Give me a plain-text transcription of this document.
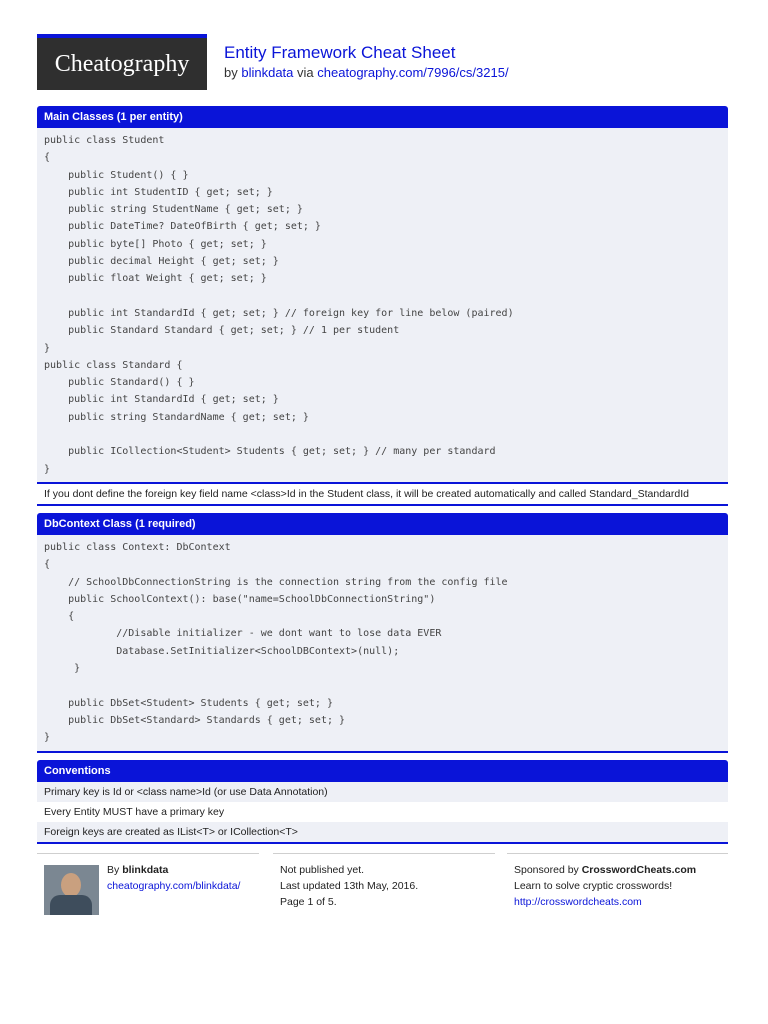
Cheatography	Entity Framework Cheat Sheet
by blinkdata via cheatography.com/7996/cs/3215/
Main Classes (1 per entity)
public class Student
{
public Student() { }
public int StudentID { get; set; }
public string StudentName { get; set; }
public DateTime? DateOfBirth { get; set; }
public byte[] Photo { get; set; }
public decimal Height { get; set; }
public float Weight { get; set; }

public int StandardId { get; set; } // foreign key for line below (paired)
public Standard Standard { get; set; } // 1 per student
}
public class Standard {
public Standard() { }
public int StandardId { get; set; }
public string StandardName { get; set; }

public ICollection<Student> Students { get; set; } // many per standard
}
If you dont define the foreign key field name <class>Id in the Student class, it will be created automatically and called Standard_StandardId
DbContext Class (1 required)
public class Context: DbContext
{
// SchoolDbConnectionString is the connection string from the config file
public SchoolContext(): base("name=SchoolDbConnectionString")
{
//Disable initializer - we dont want to lose data EVER
Database.SetInitializer<SchoolDBContext>(null);
}

public DbSet<Student> Students { get; set; }
public DbSet<Standard> Standards { get; set; }
}
Conventions
Primary key is Id or <class name>Id (or use Data Annotation)
Every Entity MUST have a primary key
Foreign keys are created as IList<T> or ICollection<T>
By blinkdata
cheatography.com/blinkdata/
Not published yet.
Last updated 13th May, 2016.
Page 1 of 5.
Sponsored by CrosswordCheats.com
Learn to solve cryptic crosswords!
http://crosswordcheats.com
